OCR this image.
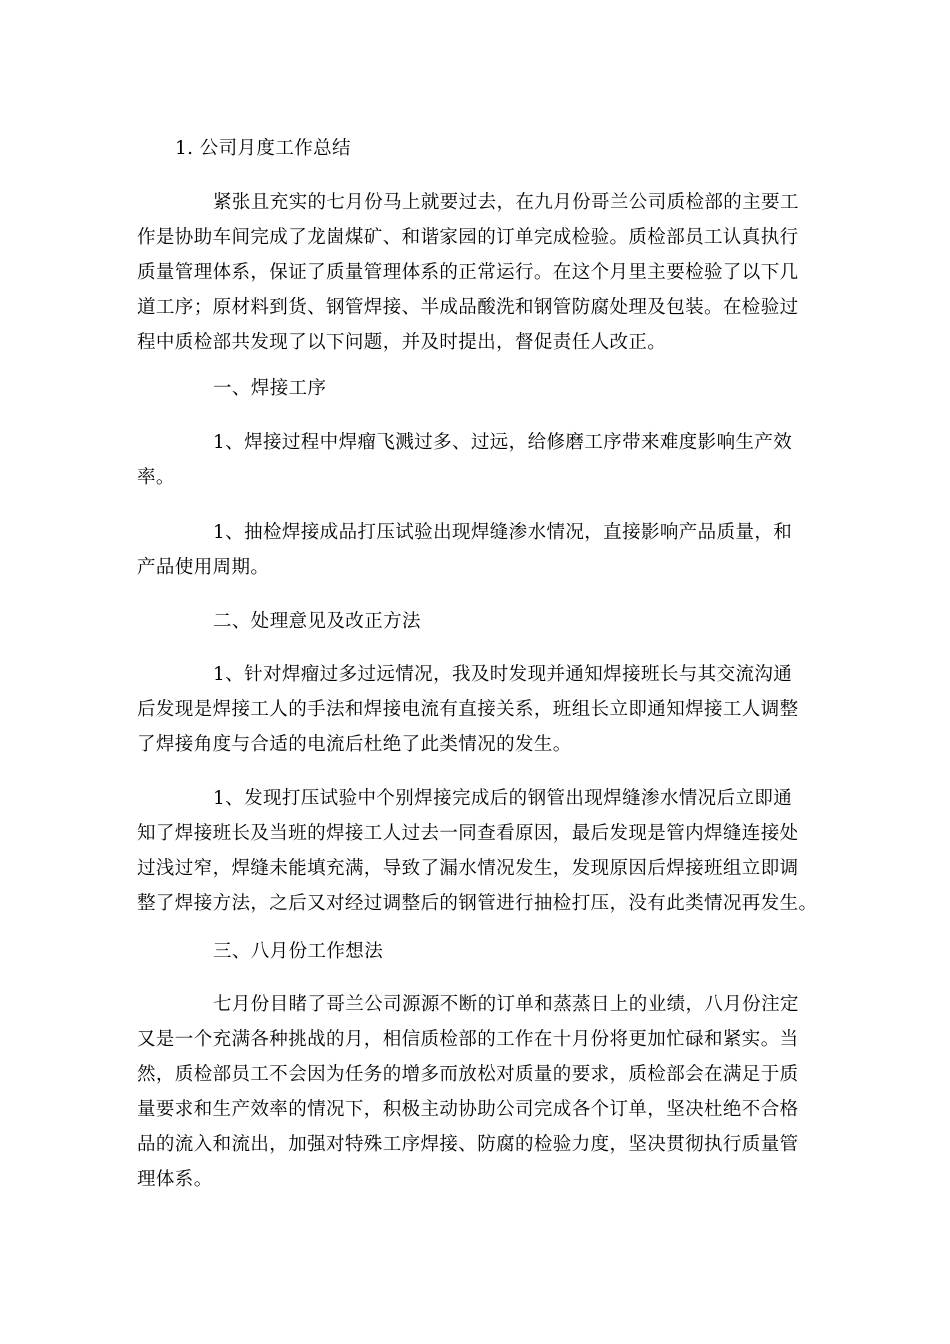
1. 公司月度工作总结
紧张且充实的七月份马上就要过去，在九月份哥兰公司质检部的主要工
作是协助车间完成了龙崮煤矿、和谐家园的订单完成检验。质检部员工认真执行
质量管理体系，保证了质量管理体系的正常运行。在这个月里主要检验了以下几
道工序；原材料到货、钢管焊接、半成品酸洗和钢管防腐处理及包装。在检验过
程中质检部共发现了以下问题，并及时提出，督促责任人改正。
一、焊接工序
1、焊接过程中焊瘤飞溅过多、过远，给修磨工序带来难度影响生产效
率。
1、抽检焊接成品打压试验出现焊缝渗水情况，直接影响产品质量，和
产品使用周期。
二、处理意见及改正方法
1、针对焊瘤过多过远情况，我及时发现并通知焊接班长与其交流沟通
后发现是焊接工人的手法和焊接电流有直接关系，班组长立即通知焊接工人调整
了焊接角度与合适的电流后杜绝了此类情况的发生。
1、发现打压试验中个别焊接完成后的钢管出现焊缝渗水情况后立即通
知了焊接班长及当班的焊接工人过去一同查看原因，最后发现是管内焊缝连接处
过浅过窄，焊缝未能填充满，导致了漏水情况发生，发现原因后焊接班组立即调
整了焊接方法，之后又对经过调整后的钢管进行抽检打压，没有此类情况再发生。
三、八月份工作想法
七月份目睹了哥兰公司源源不断的订单和蒸蒸日上的业绩，八月份注定
又是一个充满各种挑战的月，相信质检部的工作在十月份将更加忙碌和紧实。当
然，质检部员工不会因为任务的增多而放松对质量的要求，质检部会在满足于质
量要求和生产效率的情况下，积极主动协助公司完成各个订单，坚决杜绝不合格
品的流入和流出，加强对特殊工序焊接、防腐的检验力度，坚决贯彻执行质量管
理体系。
